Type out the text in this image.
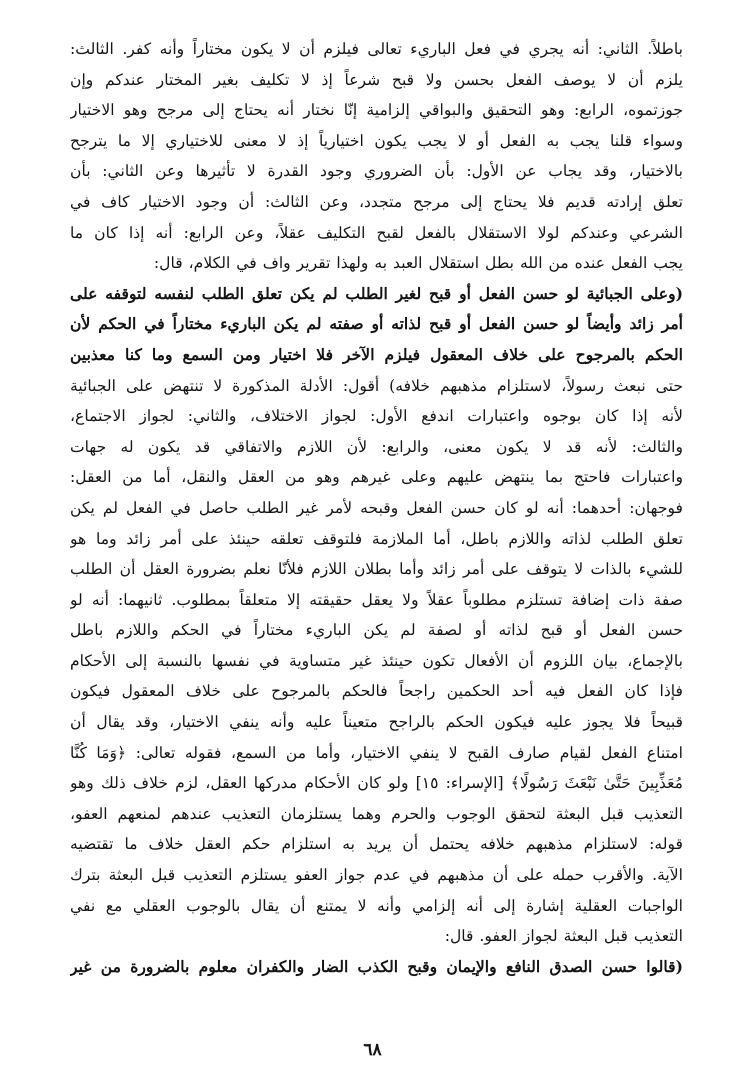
باطلاً. الثاني: أنه يجري في فعل الباريء تعالى فيلزم أن لا يكون مختاراً وأنه كفر. الثالث:
يلزم أن لا يوصف الفعل بحسن ولا قبح شرعاً إذ لا تكليف بغير المختار عندكم وإن
جوزتموه، الرابع: وهو التحقيق والبواقي إلزامية إنّا نختار أنه يحتاج إلى مرجح وهو الاختيار
وسواء قلنا يجب به الفعل أو لا يجب يكون اختيارياً إذ لا معنى للاختياري إلا ما يترجح
بالاختيار، وقد يجاب عن الأول: بأن الضروري وجود القدرة لا تأثيرها وعن الثاني: بأن
تعلق إرادته قديم فلا يحتاج إلى مرجح متجدد، وعن الثالث: أن وجود الاختيار كاف في
الشرعي وعندكم لولا الاستقلال بالفعل لقبح التكليف عقلاً، وعن الرابع: أنه إذا كان ما
يجب الفعل عنده من الله بطل استقلال العبد به ولهذا تقرير واف في الكلام، قال:
(وعلى الجبائية لو حسن الفعل أو قبح لغير الطلب لم يكن تعلق الطلب لنفسه لتوقفه على
أمر زائد وأيضاً لو حسن الفعل أو قبح لذاته أو صفته لم يكن الباريء مختاراً في الحكم لأن
الحكم بالمرجوح على خلاف المعقول فيلزم الآخر فلا اختيار ومن السمع وما كنا معذبين
حتى نبعث رسولاً، لاستلزام مذهبهم خلافه) أقول: الأدلة المذكورة لا تنتهض على الجبائية
لأنه إذا كان بوجوه واعتبارات اندفع الأول: لجواز الاختلاف، والثاني: لجواز الاجتماع،
والثالث: لأنه قد لا يكون معنى، والرابع: لأن اللازم والاتفاقي قد يكون له جهات
واعتبارات فاحتج بما ينتهض عليهم وعلى غيرهم وهو من العقل والنقل، أما من العقل:
فوجهان: أحدهما: أنه لو كان حسن الفعل وقبحه لأمر غير الطلب حاصل في الفعل لم يكن
تعلق الطلب لذاته واللازم باطل، أما الملازمة فلتوقف تعلقه حينئذ على أمر زائد وما هو
للشيء بالذات لا يتوقف على أمر زائد وأما بطلان اللازم فلأنّا نعلم بضرورة العقل أن الطلب
صفة ذات إضافة تستلزم مطلوباً عقلاً ولا يعقل حقيقته إلا متعلقاً بمطلوب. ثانيهما: أنه لو
حسن الفعل أو قبح لذاته أو لصفة لم يكن الباريء مختاراً في الحكم واللازم باطل
بالإجماع، بيان اللزوم أن الأفعال تكون حينئذ غير متساوية في نفسها بالنسبة إلى الأحكام
فإذا كان الفعل فيه أحد الحكمين راجحاً فالحكم بالمرجوح على خلاف المعقول فيكون
قبيحاً فلا يجوز عليه فيكون الحكم بالراجح متعيناً عليه وأنه ينفي الاختيار، وقد يقال أن
امتناع الفعل لقيام صارف القبح لا ينفي الاختيار، وأما من السمع، فقوله تعالى: ﴿وَمَا كُنَّا
مُعَذِّبِينَ حَتَّىٰ نَبْعَثَ رَسُولًا﴾ [الإسراء: ١٥] ولو كان الأحكام مدركها العقل، لزم خلاف ذلك وهو
التعذيب قبل البعثة لتحقق الوجوب والحرم وهما يستلزمان التعذيب عندهم لمنعهم العفو،
قوله: لاستلزام مذهبهم خلافه يحتمل أن يريد به استلزام حكم العقل خلاف ما تقتضيه
الآية. والأقرب حمله على أن مذهبهم في عدم جواز العفو يستلزم التعذيب قبل البعثة بترك
الواجبات العقلية إشارة إلى أنه إلزامي وأنه لا يمتنع أن يقال بالوجوب العقلي مع نفي
التعذيب قبل البعثة لجواز العفو. قال:
(قالوا حسن الصدق النافع والإيمان وقبح الكذب الضار والكفران معلوم بالضرورة من غير
٦٨
